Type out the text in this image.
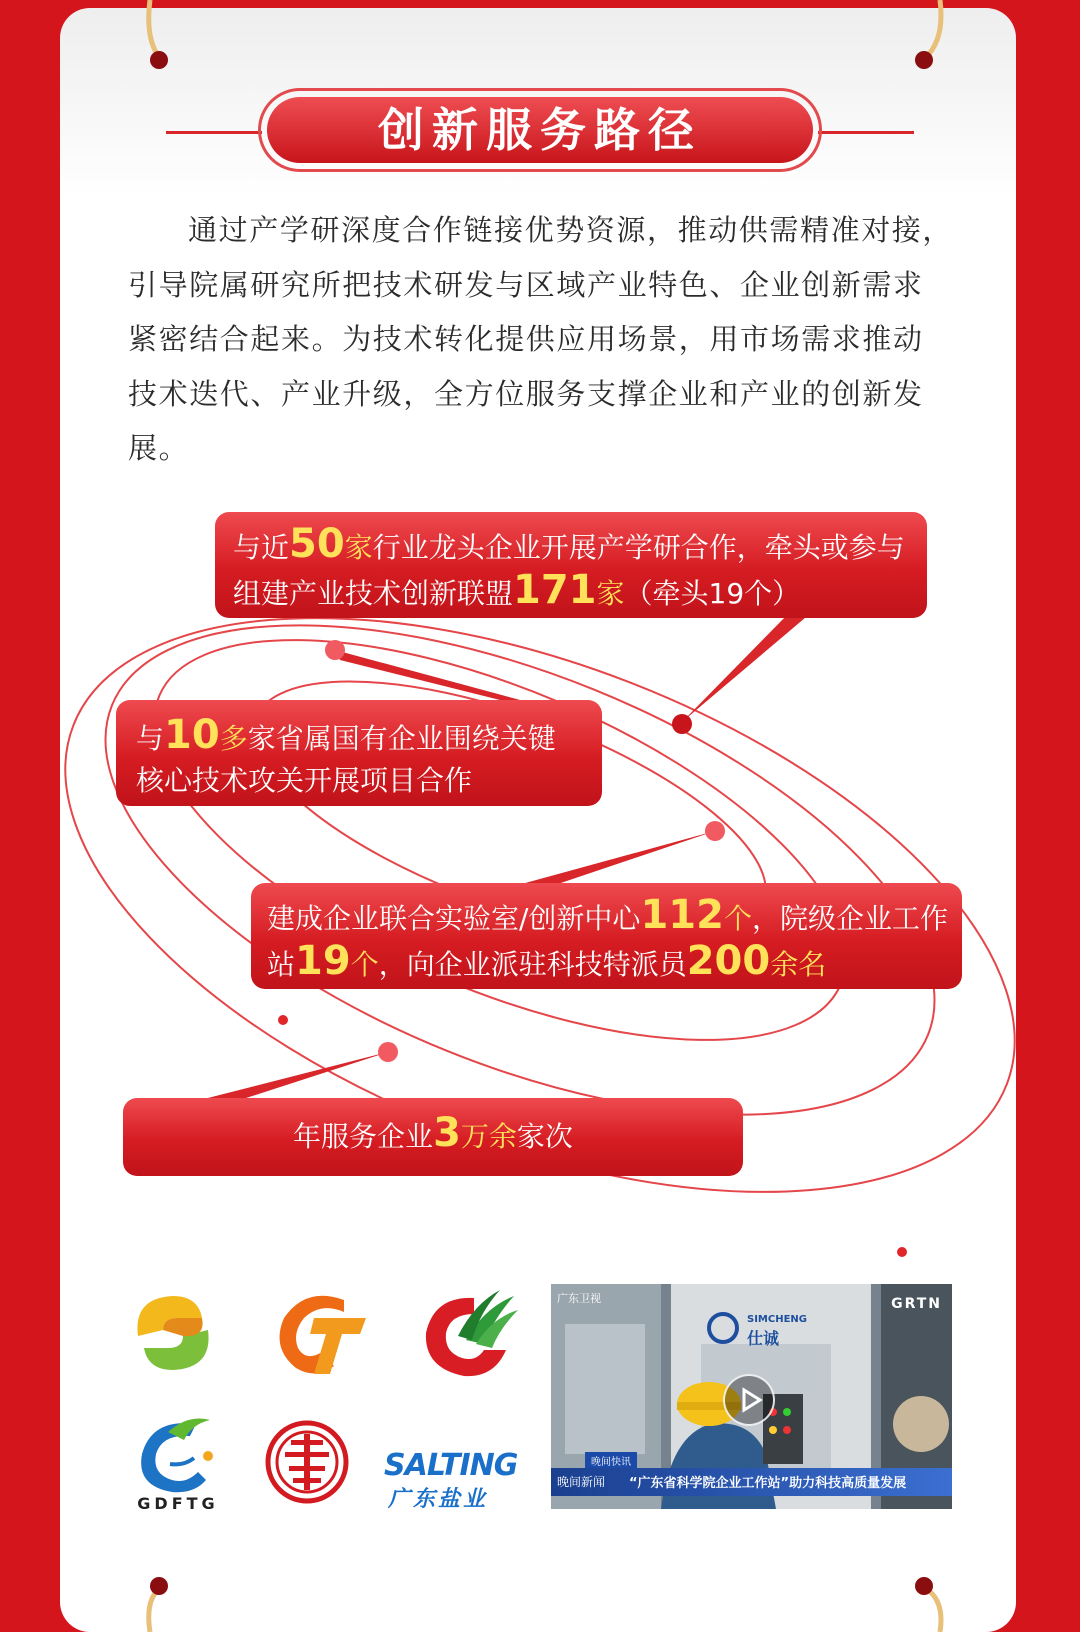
创新服务路径

通过产学研深度合作链接优势资源，推动供需精准对接，引导院属研究所把技术研发与区域产业特色、企业创新需求紧密结合起来。为技术转化提供应用场景，用市场需求推动技术迭代、产业升级，全方位服务支撑企业和产业的创新发展。

与近50家行业龙头企业开展产学研合作，牵头或参与组建产业技术创新联盟171家（牵头19个）
与10多家省属国有企业围绕关键核心技术攻关开展项目合作
建成企业联合实验室/创新中心112个，院级企业工作站19个，向企业派驻科技特派员200余名
年服务企业3万余家次
GDFTG
SALTING
广东盐业
广东卫视	GRTN
SIMCHENG
仕诚
晚间快讯
晚间新闻 “广东省科学院企业工作站”助力科技高质量发展
